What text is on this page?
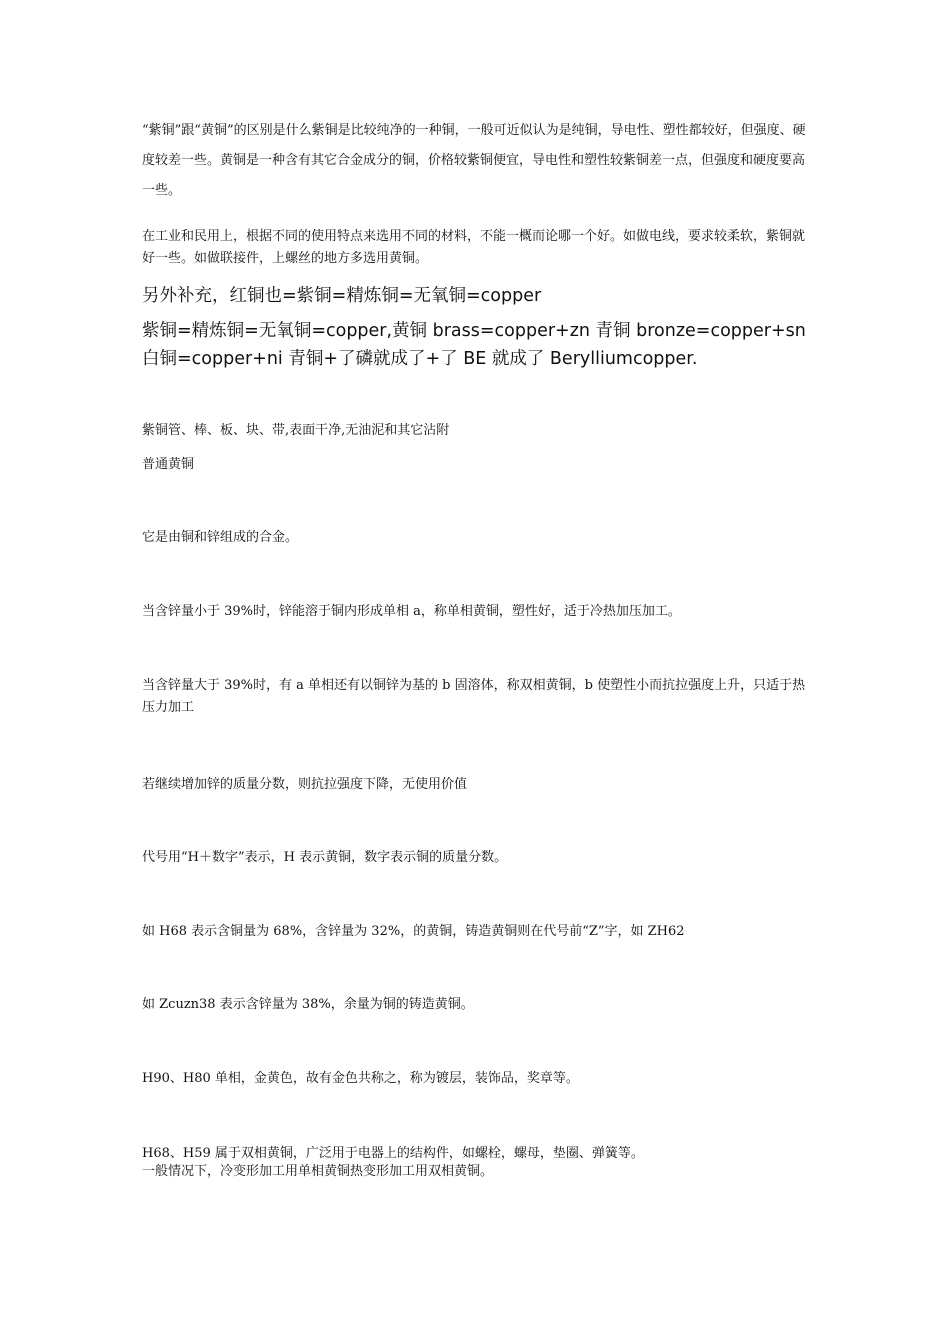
“紫铜”跟“黄铜”的区别是什么紫铜是比较纯净的一种铜，一般可近似认为是纯铜，导电性、塑性都较好，但强度、硬度较差一些。黄铜是一种含有其它合金成分的铜，价格较紫铜便宜，导电性和塑性较紫铜差一点，但强度和硬度要高一些。

在工业和民用上，根据不同的使用特点来选用不同的材料，不能一概而论哪一个好。如做电线，要求较柔软，紫铜就好一些。如做联接件，上螺丝的地方多选用黄铜。

另外补充，红铜也=紫铜=精炼铜=无氧铜=copper

紫铜=精炼铜=无氧铜=copper,黄铜 brass=copper+zn 青铜 bronze=copper+sn 白铜=copper+ni 青铜+了磷就成了+了 BE 就成了 Berylliumcopper.

紫铜管、棒、板、块、带,表面干净,无油泥和其它沾附

普通黄铜

它是由铜和锌组成的合金。

当含锌量小于 39%时，锌能溶于铜内形成单相 a，称单相黄铜，塑性好，适于冷热加压加工。

当含锌量大于 39%时，有 a 单相还有以铜锌为基的 b 固溶体，称双相黄铜，b 使塑性小而抗拉强度上升，只适于热压力加工

若继续增加锌的质量分数，则抗拉强度下降，无使用价值

代号用“H＋数字”表示，H 表示黄铜，数字表示铜的质量分数。

如 H68 表示含铜量为 68%，含锌量为 32%，的黄铜，铸造黄铜则在代号前“Z”字，如 ZH62

如 Zcuzn38 表示含锌量为 38%，余量为铜的铸造黄铜。

H90、H80 单相，金黄色，故有金色共称之，称为镀层，装饰品，奖章等。

H68、H59 属于双相黄铜，广泛用于电器上的结构件，如螺栓，螺母，垫圈、弹簧等。

一般情况下，冷变形加工用单相黄铜热变形加工用双相黄铜。
